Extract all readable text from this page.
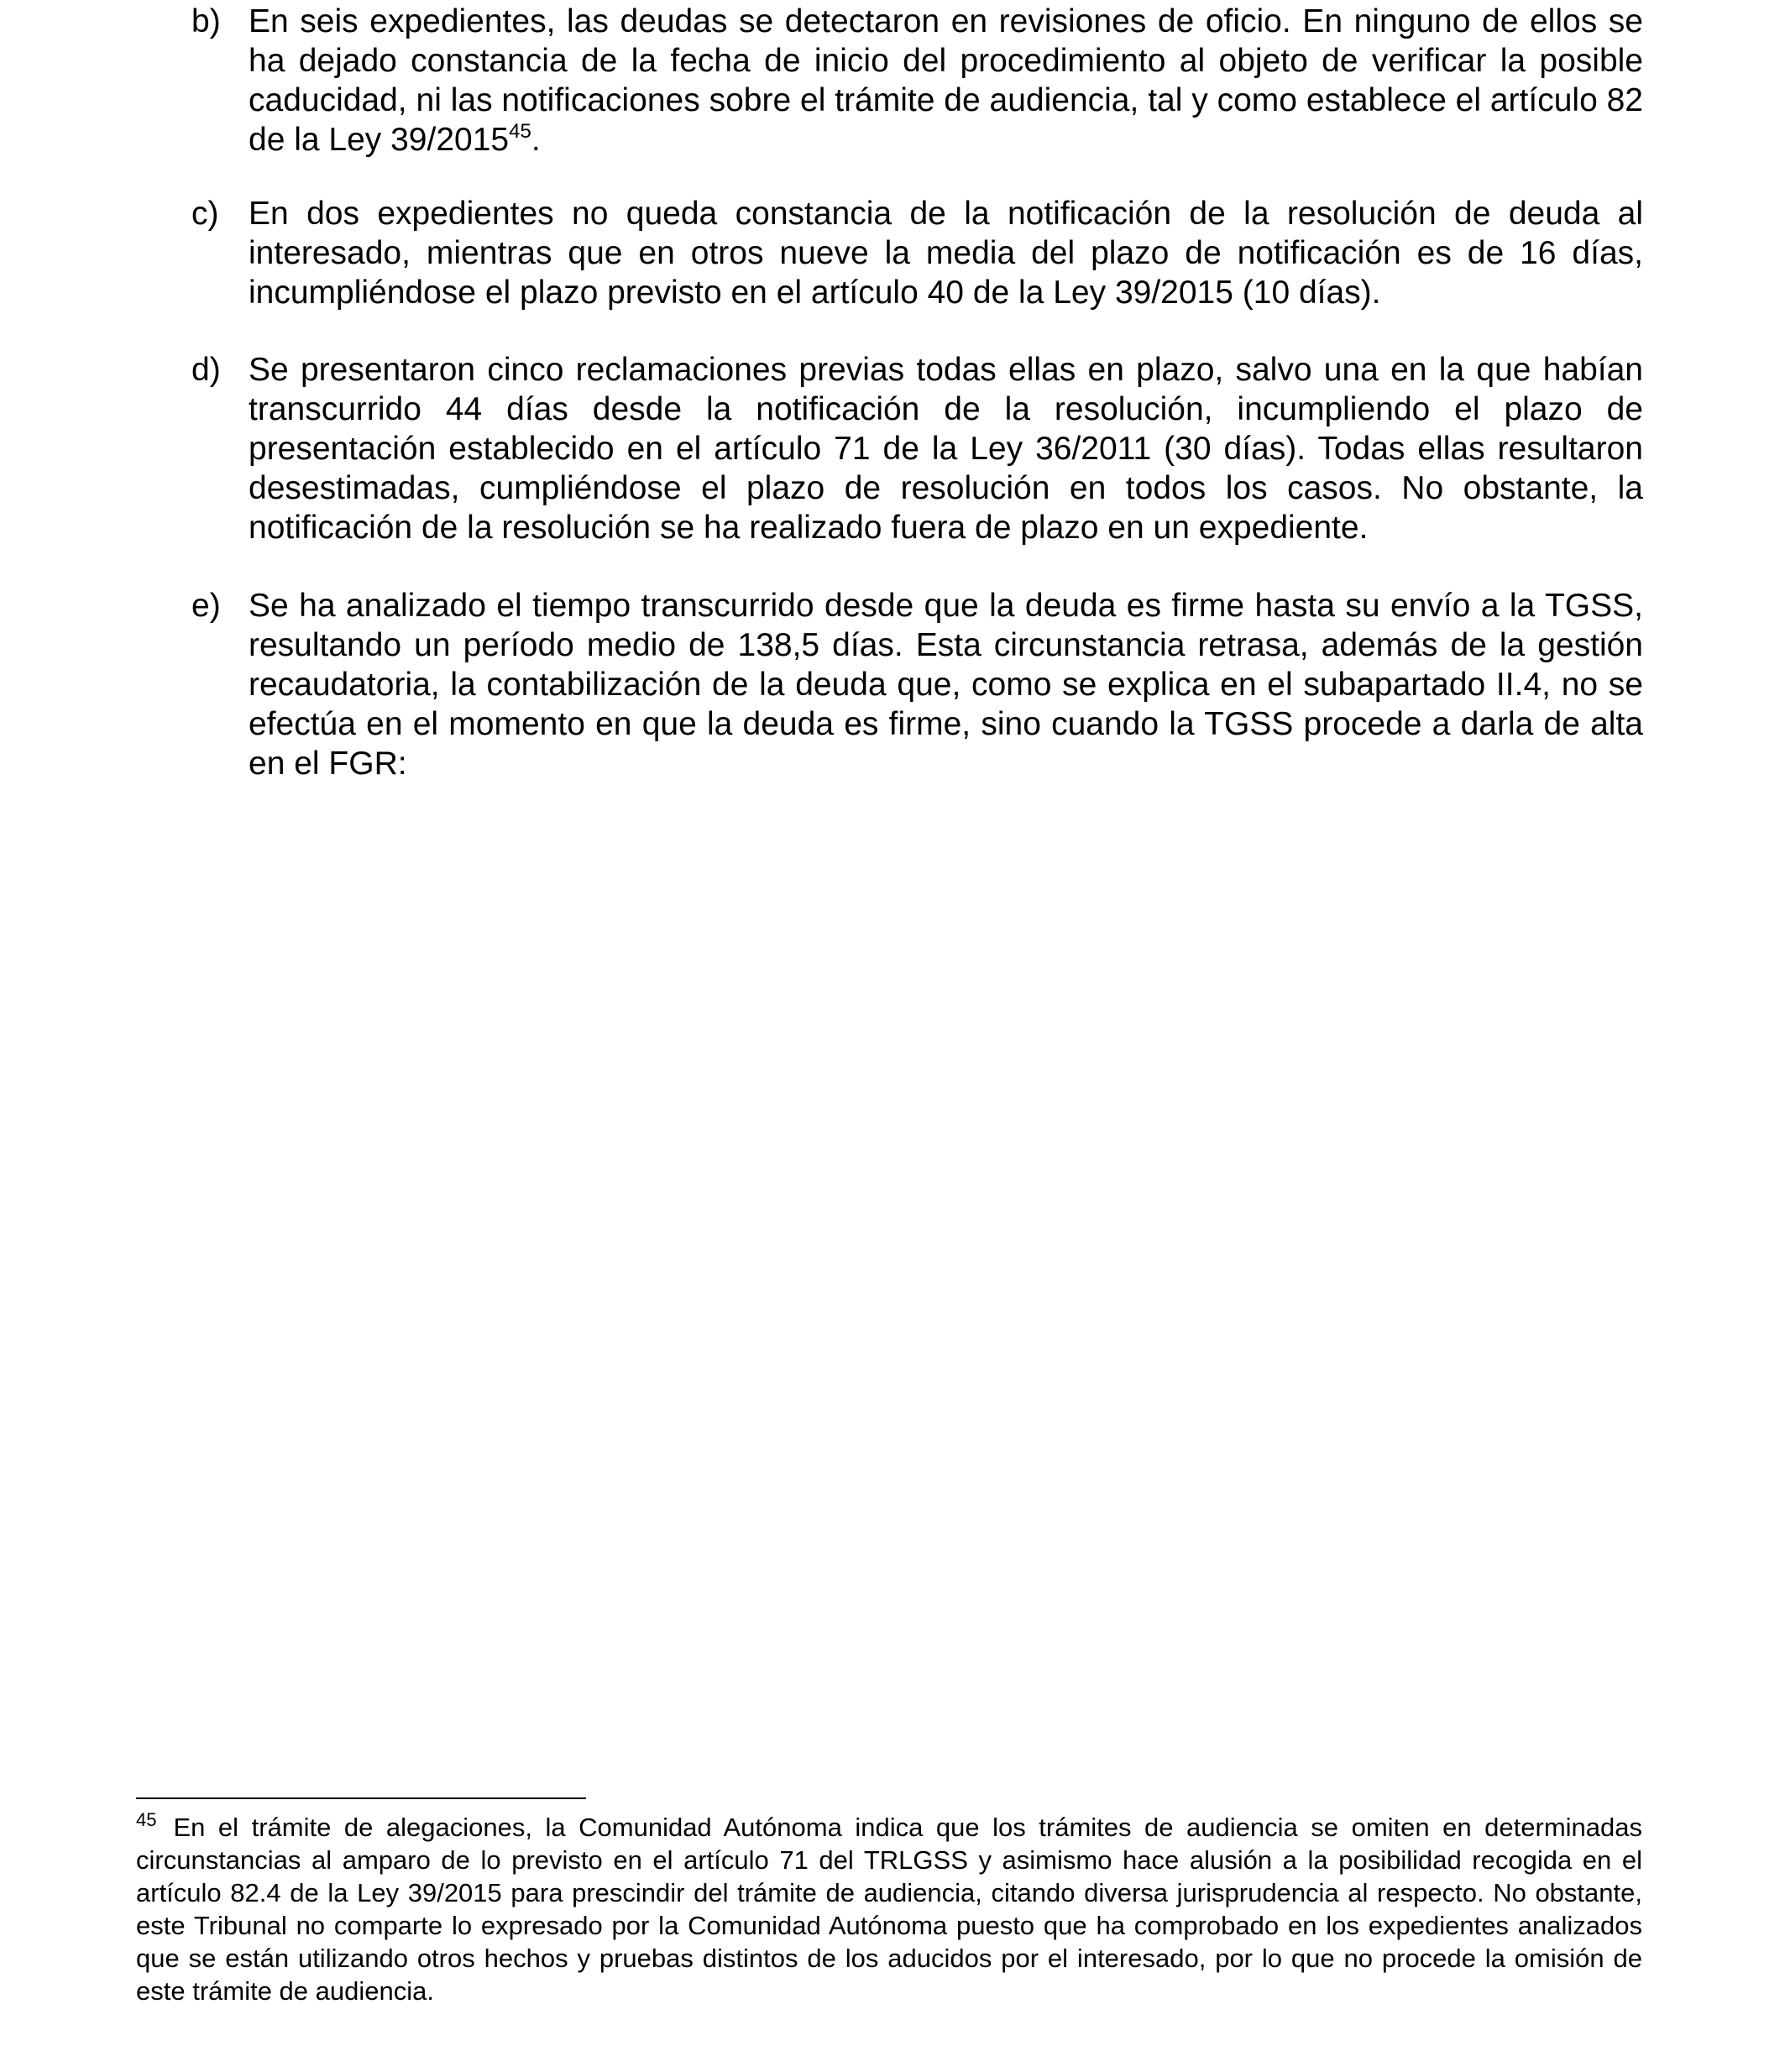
b) En seis expedientes, las deudas se detectaron en revisiones de oficio. En ninguno de ellos se ha dejado constancia de la fecha de inicio del procedimiento al objeto de verificar la posible caducidad, ni las notificaciones sobre el trámite de audiencia, tal y como establece el artículo 82 de la Ley 39/2015$^{45}$.
c) En dos expedientes no queda constancia de la notificación de la resolución de deuda al interesado, mientras que en otros nueve la media del plazo de notificación es de 16 días, incumpliéndose el plazo previsto en el artículo 40 de la Ley 39/2015 (10 días).
d) Se presentaron cinco reclamaciones previas todas ellas en plazo, salvo una en la que habían transcurrido 44 días desde la notificación de la resolución, incumpliendo el plazo de presentación establecido en el artículo 71 de la Ley 36/2011 (30 días). Todas ellas resultaron desestimadas, cumpliéndose el plazo de resolución en todos los casos. No obstante, la notificación de la resolución se ha realizado fuera de plazo en un expediente.
e) Se ha analizado el tiempo transcurrido desde que la deuda es firme hasta su envío a la TGSS, resultando un período medio de 138,5 días. Esta circunstancia retrasa, además de la gestión recaudatoria, la contabilización de la deuda que, como se explica en el subapartado II.4, no se efectúa en el momento en que la deuda es firme, sino cuando la TGSS procede a darla de alta en el FGR:
$^{45}$ En el trámite de alegaciones, la Comunidad Autónoma indica que los trámites de audiencia se omiten en determinadas circunstancias al amparo de lo previsto en el artículo 71 del TRLGSS y asimismo hace alusión a la posibilidad recogida en el artículo 82.4 de la Ley 39/2015 para prescindir del trámite de audiencia, citando diversa jurisprudencia al respecto. No obstante, este Tribunal no comparte lo expresado por la Comunidad Autónoma puesto que ha comprobado en los expedientes analizados que se están utilizando otros hechos y pruebas distintos de los aducidos por el interesado, por lo que no procede la omisión de este trámite de audiencia.
